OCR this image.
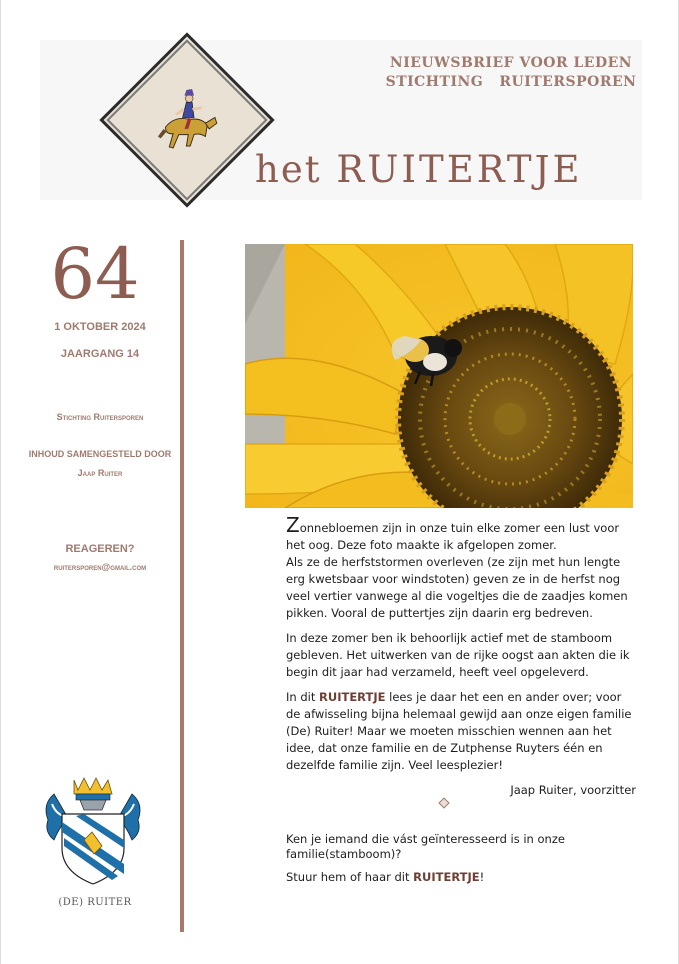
NIEUWSBRIEF VOOR LEDEN
STICHTING   RUITERSPOREN
het RUITERTJE
64
1 OKTOBER 2024
JAARGANG 14
Stichting Ruitersporen
INHOUD SAMENGESTELD DOOR
Jaap Ruiter
REAGEREN?
ruitersporen@gmail.com
(DE) RUITER

Zonnebloemen zijn in onze tuin elke zomer een lust voor het oog. Deze foto maakte ik afgelopen zomer.
Als ze de herfststormen overleven (ze zijn met hun lengte erg kwetsbaar voor windstoten) geven ze in de herfst nog veel vertier vanwege al die vogeltjes die de zaadjes komen pikken. Vooral de puttertjes zijn daarin erg bedreven.

In deze zomer ben ik behoorlijk actief met de stamboom gebleven. Het uitwerken van de rijke oogst aan akten die ik begin dit jaar had verzameld, heeft veel opgeleverd.

In dit RUITERTJE lees je daar het een en ander over; voor de afwisseling bijna helemaal gewijd aan onze eigen familie (De) Ruiter! Maar we moeten misschien wennen aan het idee, dat onze familie en de Zutphense Ruyters één en dezelfde familie zijn. Veel leesplezier!

Jaap Ruiter, voorzitter

Ken je iemand die vást geïnteresseerd is in onze familie(stamboom)?

Stuur hem of haar dit RUITERTJE!
